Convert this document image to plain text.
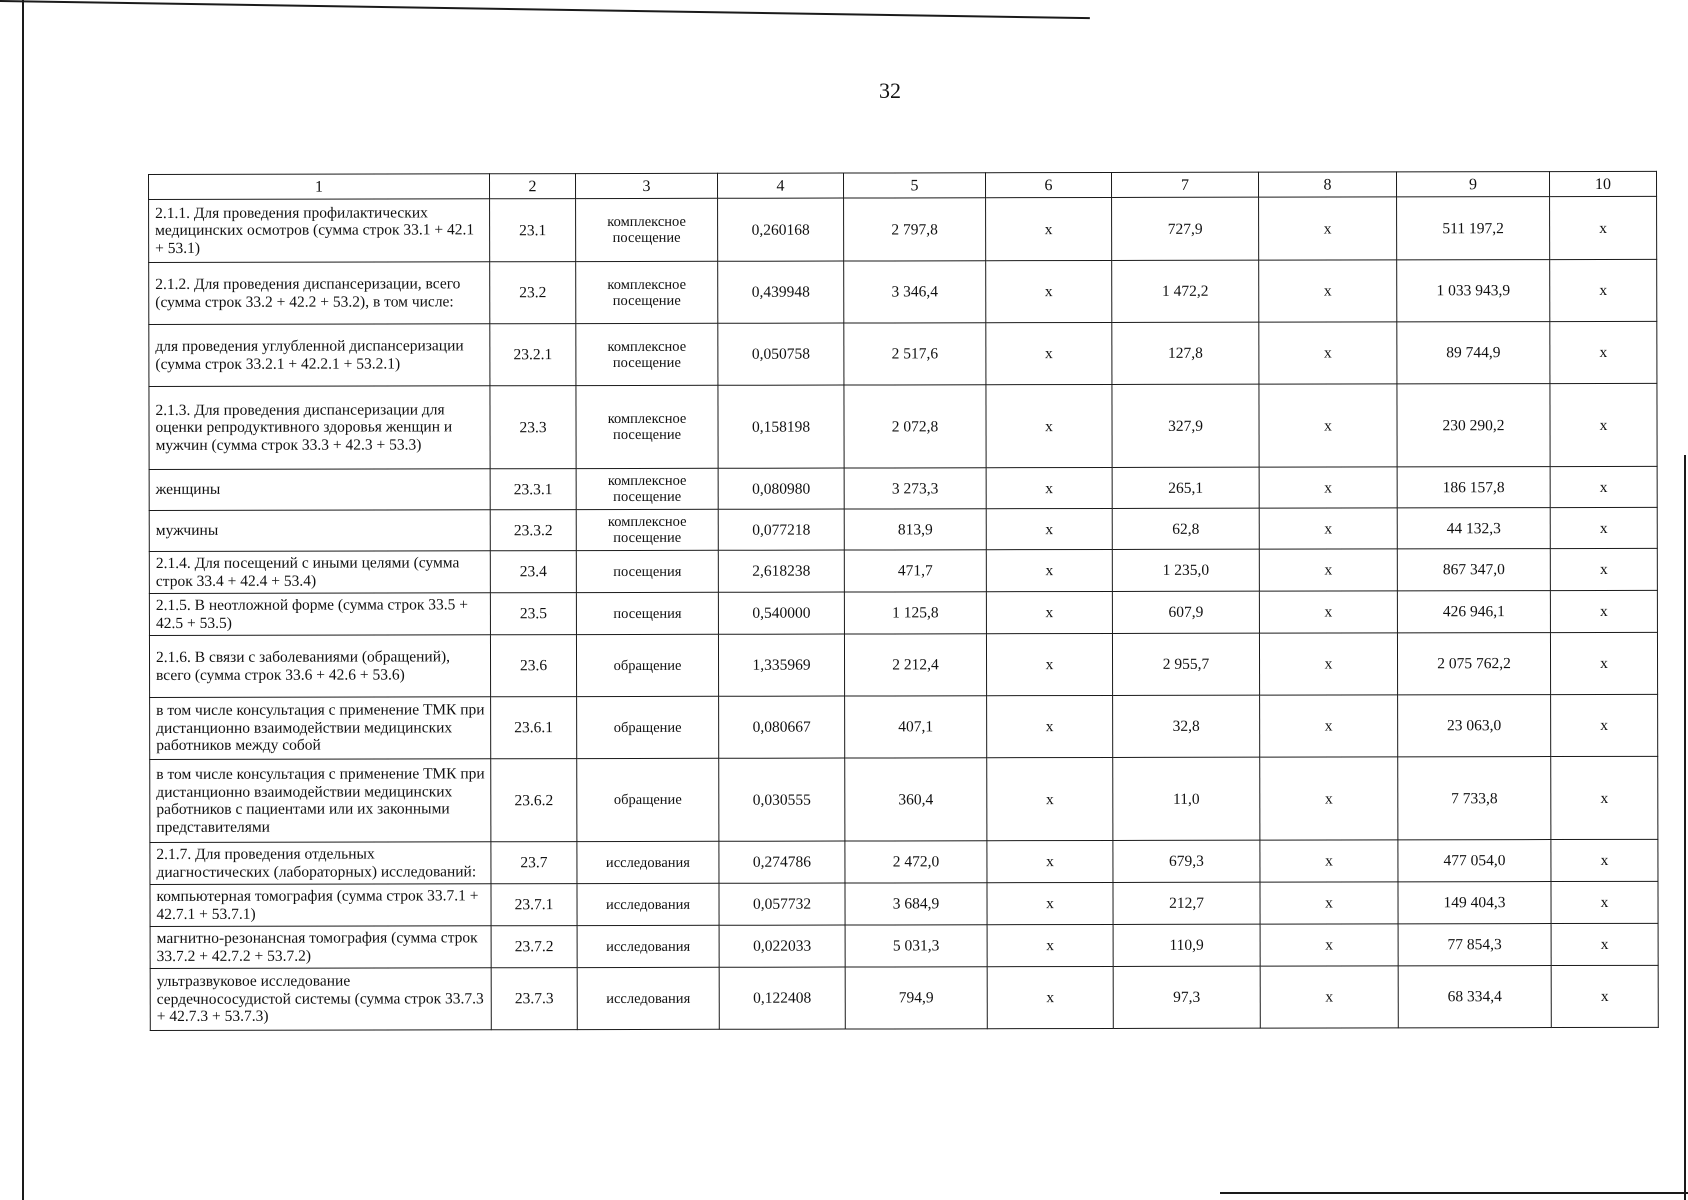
32
1	2	3	4	5	6	7	8	9	10
2.1.1. Для проведения профилактических медицинских осмотров (сумма строк 33.1 + 42.1 + 53.1)	23.1	комплексное посещение	0,260168	2 797,8	х	727,9	х	511 197,2	х
2.1.2. Для проведения диспансеризации, всего (сумма строк 33.2 + 42.2 + 53.2), в том числе:	23.2	комплексное посещение	0,439948	3 346,4	х	1 472,2	х	1 033 943,9	х
для проведения углубленной диспансеризации (сумма строк 33.2.1 + 42.2.1 + 53.2.1)	23.2.1	комплексное посещение	0,050758	2 517,6	х	127,8	х	89 744,9	х
2.1.3. Для проведения диспансеризации для оценки репродуктивного здоровья женщин и мужчин (сумма строк 33.3 + 42.3 + 53.3)	23.3	комплексное посещение	0,158198	2 072,8	х	327,9	х	230 290,2	х
женщины	23.3.1	комплексное посещение	0,080980	3 273,3	х	265,1	х	186 157,8	х
мужчины	23.3.2	комплексное посещение	0,077218	813,9	х	62,8	х	44 132,3	х
2.1.4. Для посещений с иными целями (сумма строк 33.4 + 42.4 + 53.4)	23.4	посещения	2,618238	471,7	х	1 235,0	х	867 347,0	х
2.1.5. В неотложной форме (сумма строк 33.5 + 42.5 + 53.5)	23.5	посещения	0,540000	1 125,8	х	607,9	х	426 946,1	х
2.1.6. В связи с заболеваниями (обращений), всего (сумма строк 33.6 + 42.6 + 53.6)	23.6	обращение	1,335969	2 212,4	х	2 955,7	х	2 075 762,2	х
в том числе консультация с применение ТМК при дистанционно взаимодействии медицинских работников между собой	23.6.1	обращение	0,080667	407,1	х	32,8	х	23 063,0	х
в том числе консультация с применение ТМК при дистанционно взаимодействии медицинских работников с пациентами или их законными представителями	23.6.2	обращение	0,030555	360,4	х	11,0	х	7 733,8	х
2.1.7. Для проведения отдельных диагностических (лабораторных) исследований:	23.7	исследования	0,274786	2 472,0	х	679,3	х	477 054,0	х
компьютерная томография (сумма строк 33.7.1 + 42.7.1 + 53.7.1)	23.7.1	исследования	0,057732	3 684,9	х	212,7	х	149 404,3	х
магнитно-резонансная томография (сумма строк 33.7.2 + 42.7.2 + 53.7.2)	23.7.2	исследования	0,022033	5 031,3	х	110,9	х	77 854,3	х
ультразвуковое исследование сердечнососудистой системы (сумма строк 33.7.3 + 42.7.3 + 53.7.3)	23.7.3	исследования	0,122408	794,9	х	97,3	х	68 334,4	х
